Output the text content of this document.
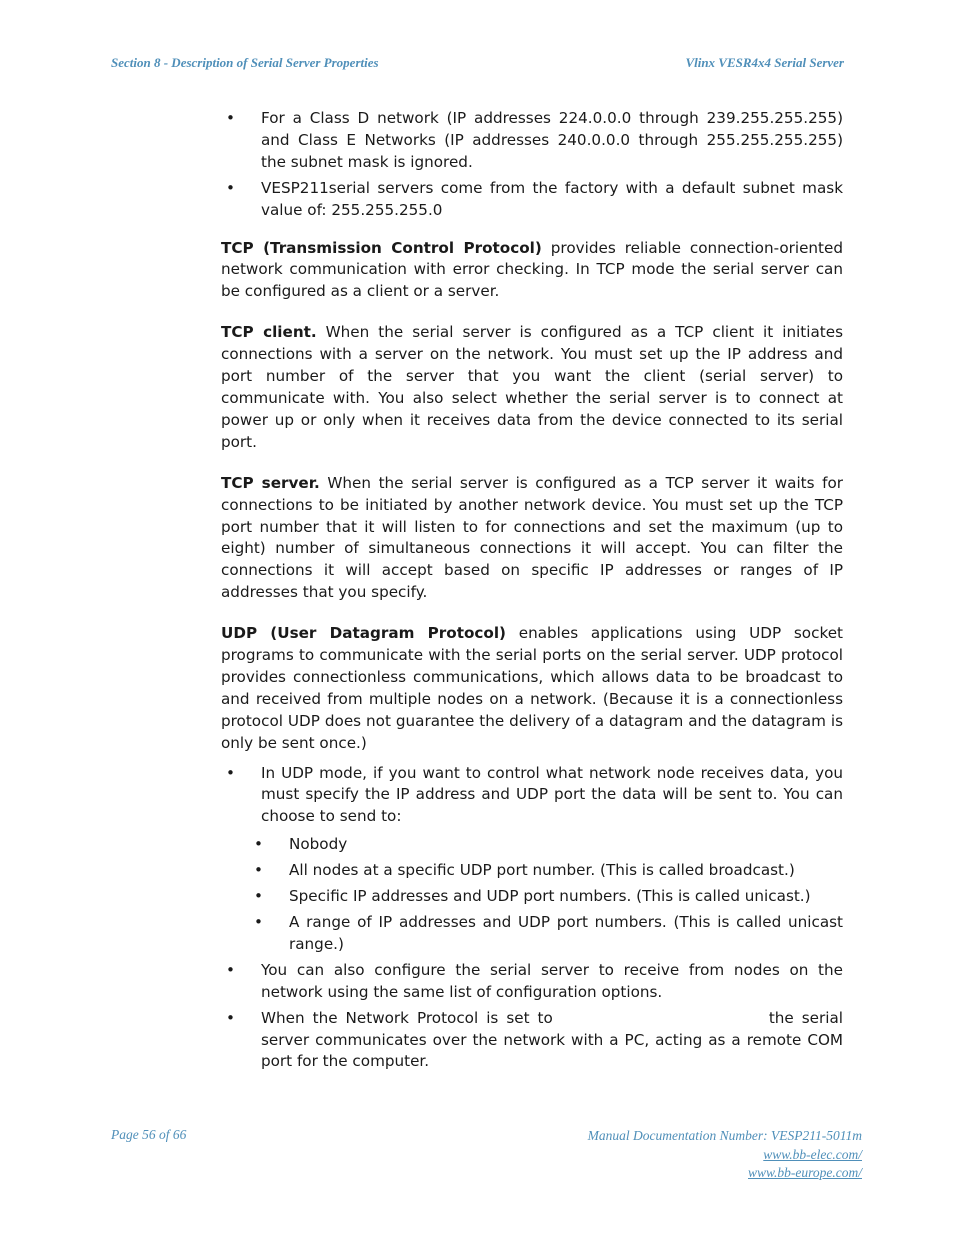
Section 8 - Description of Serial Server Properties	Vlinx VESR4x4 Serial Server
• For a Class D network (IP addresses 224.0.0.0 through 239.255.255.255) and Class E Networks (IP addresses 240.0.0.0 through 255.255.255.255) the subnet mask is ignored.
• VESP211serial servers come from the factory with a default subnet mask value of: 255.255.255.0

TCP (Transmission Control Protocol) provides reliable connection-oriented network communication with error checking. In TCP mode the serial server can be configured as a client or a server.

TCP client. When the serial server is configured as a TCP client it initiates connections with a server on the network. You must set up the IP address and port number of the server that you want the client (serial server) to communicate with. You also select whether the serial server is to connect at power up or only when it receives data from the device connected to its serial port.

TCP server. When the serial server is configured as a TCP server it waits for connections to be initiated by another network device. You must set up the TCP port number that it will listen to for connections and set the maximum (up to eight) number of simultaneous connections it will accept. You can filter the connections it will accept based on specific IP addresses or ranges of IP addresses that you specify.

UDP (User Datagram Protocol) enables applications using UDP socket programs to communicate with the serial ports on the serial server. UDP protocol provides connectionless communications, which allows data to be broadcast to and received from multiple nodes on a network. (Because it is a connectionless protocol UDP does not guarantee the delivery of a datagram and the datagram is only be sent once.)

• In UDP mode, if you want to control what network node receives data, you must specify the IP address and UDP port the data will be sent to. You can choose to send to:
• Nobody
• All nodes at a specific UDP port number. (This is called broadcast.)
• Specific IP addresses and UDP port numbers. (This is called unicast.)
• A range of IP addresses and UDP port numbers. (This is called unicast range.)
• You can also configure the serial server to receive from nodes on the network using the same list of configuration options.
• When the Network Protocol is set to	the serial server communicates over the network with a PC, acting as a remote COM port for the computer.
Page 56 of 66	Manual Documentation Number: VESP211-5011m
www.bb-elec.com/
www.bb-europe.com/
